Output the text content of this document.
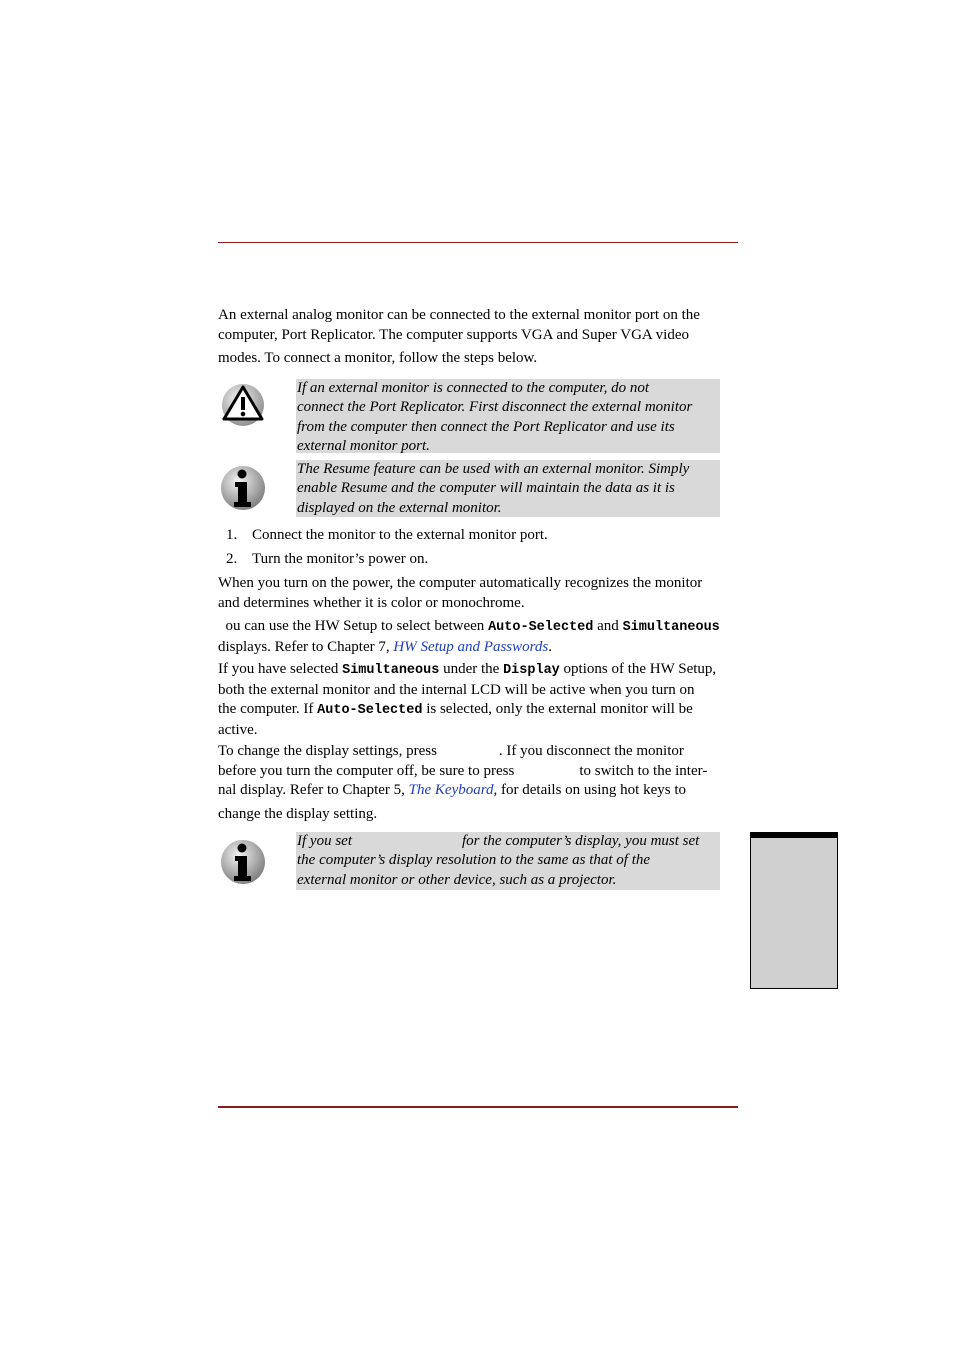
An external analog monitor can be connected to the external monitor port on the
computer, Port Replicator. The computer supports VGA and Super VGA video
modes. To connect a monitor, follow the steps below.

If an external monitor is connected to the computer, do not
connect the Port Replicator. First disconnect the external monitor
from the computer then connect the Port Replicator and use its
external monitor port.
The Resume feature can be used with an external monitor. Simply
enable Resume and the computer will maintain the data as it is
displayed on the external monitor.
1. Connect the monitor to the external monitor port.
2. Turn the monitor’s power on.

When you turn on the power, the computer automatically recognizes the monitor
and determines whether it is color or monochrome.

ou can use the HW Setup to select between Auto-Selected and Simultaneous
displays. Refer to Chapter 7, HW Setup and Passwords.

If you have selected Simultaneous under the Display options of the HW Setup,
both the external monitor and the internal LCD will be active when you turn on
the computer. If Auto-Selected is selected, only the external monitor will be
active.

To change the display settings, press	. If you disconnect the monitor
before you turn the computer off, be sure to press	to switch to the inter-
nal display. Refer to Chapter 5, The Keyboard, for details on using hot keys to
change the display setting.

If you set	for the computer’s display, you must set
the computer’s display resolution to the same as that of the
external monitor or other device, such as a projector.
